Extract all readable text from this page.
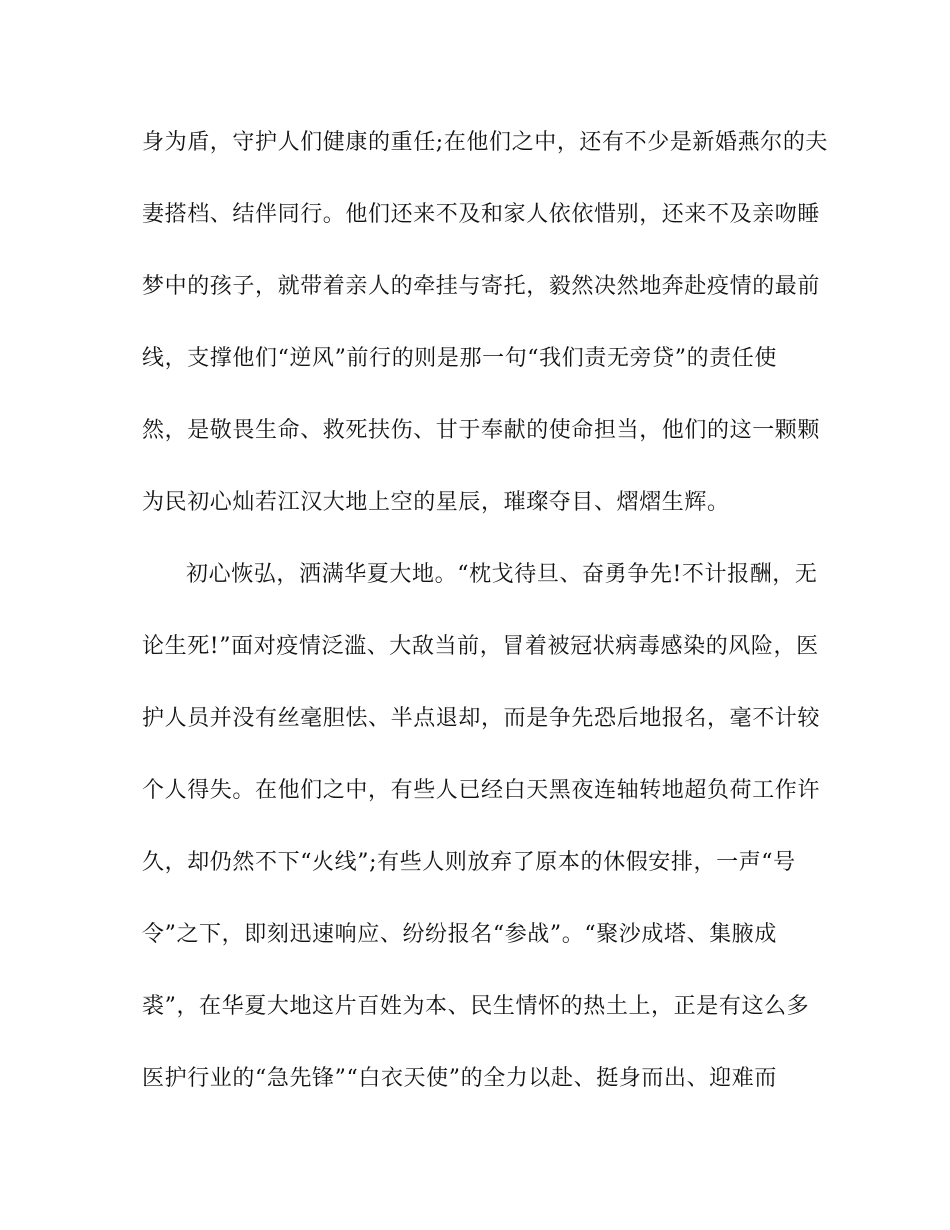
身为盾，守护人们健康的重任;在他们之中，还有不少是新婚燕尔的夫
妻搭档、结伴同行。他们还来不及和家人依依惜别，还来不及亲吻睡
梦中的孩子，就带着亲人的牵挂与寄托，毅然决然地奔赴疫情的最前
线，支撑他们“逆风”前行的则是那一句“我们责无旁贷”的责任使
然，是敬畏生命、救死扶伤、甘于奉献的使命担当，他们的这一颗颗
为民初心灿若江汉大地上空的星辰，璀璨夺目、熠熠生辉。
初心恢弘，洒满华夏大地。“枕戈待旦、奋勇争先!不计报酬，无
论生死!”面对疫情泛滥、大敌当前，冒着被冠状病毒感染的风险，医
护人员并没有丝毫胆怯、半点退却，而是争先恐后地报名，毫不计较
个人得失。在他们之中，有些人已经白天黑夜连轴转地超负荷工作许
久，却仍然不下“火线”;有些人则放弃了原本的休假安排，一声“号
令”之下，即刻迅速响应、纷纷报名“参战”。“聚沙成塔、集腋成
裘”，在华夏大地这片百姓为本、民生情怀的热土上，正是有这么多
医护行业的“急先锋”“白衣天使”的全力以赴、挺身而出、迎难而
